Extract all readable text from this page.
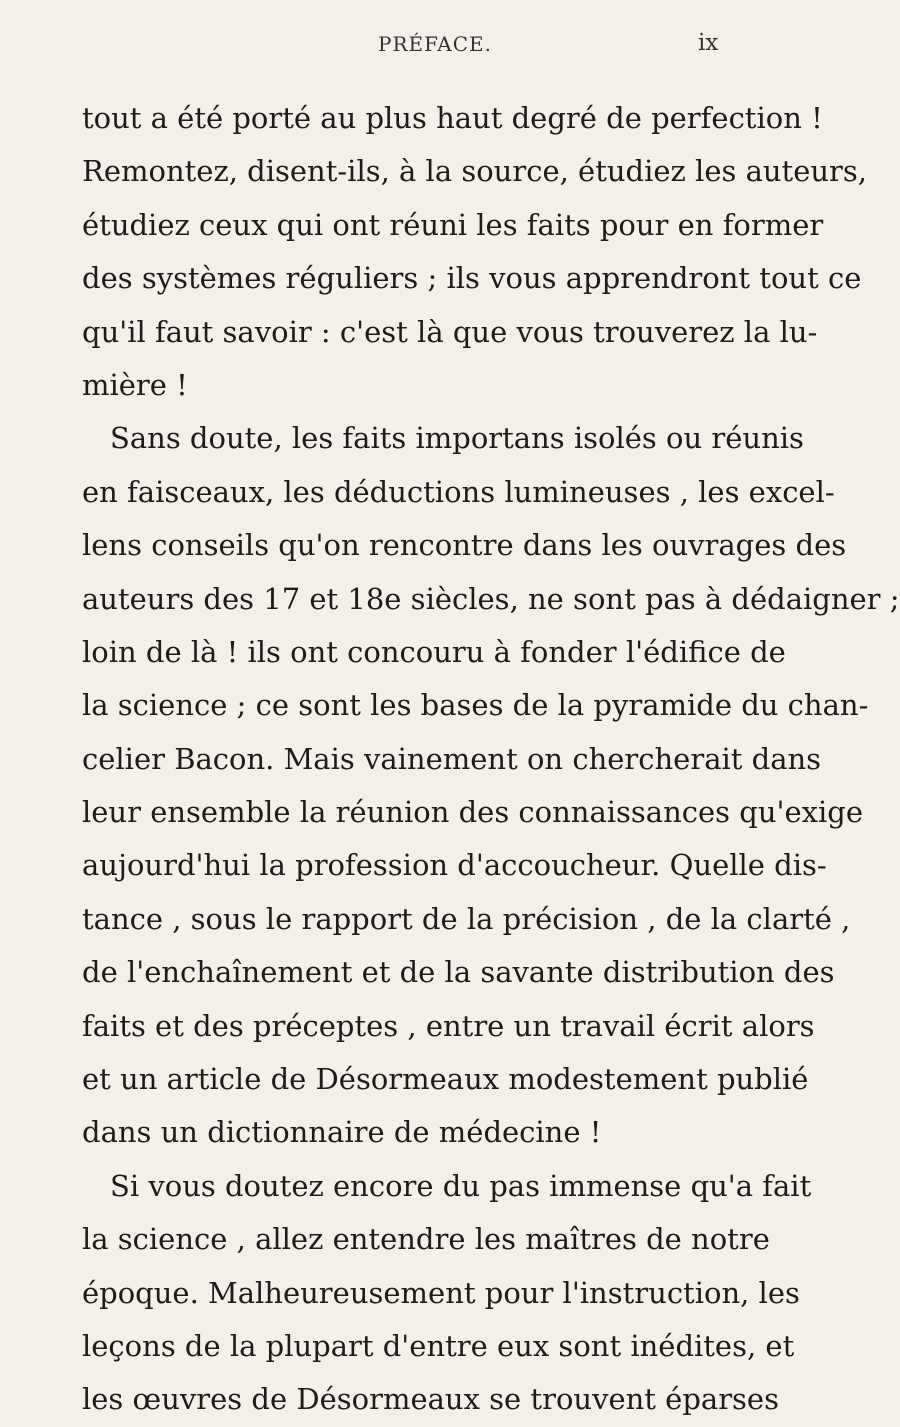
PRÉFACE.	ix
tout a été porté au plus haut degré de perfection !
Remontez, disent-ils, à la source, étudiez les auteurs,
étudiez ceux qui ont réuni les faits pour en former
des systèmes réguliers ; ils vous apprendront tout ce
qu'il faut savoir : c'est là que vous trouverez la lu-
mière !
Sans doute, les faits importans isolés ou réunis
en faisceaux, les déductions lumineuses , les excel-
lens conseils qu'on rencontre dans les ouvrages des
auteurs des 17 et 18e siècles, ne sont pas à dédaigner ;
loin de là ! ils ont concouru à fonder l'édifice de
la science ; ce sont les bases de la pyramide du chan-
celier Bacon. Mais vainement on chercherait dans
leur ensemble la réunion des connaissances qu'exige
aujourd'hui la profession d'accoucheur. Quelle dis-
tance , sous le rapport de la précision , de la clarté ,
de l'enchaînement et de la savante distribution des
faits et des préceptes , entre un travail écrit alors
et un article de Désormeaux modestement publié
dans un dictionnaire de médecine !
Si vous doutez encore du pas immense qu'a fait
la science , allez entendre les maîtres de notre
époque. Malheureusement pour l'instruction, les
leçons de la plupart d'entre eux sont inédites, et
les œuvres de Désormeaux se trouvent éparses
